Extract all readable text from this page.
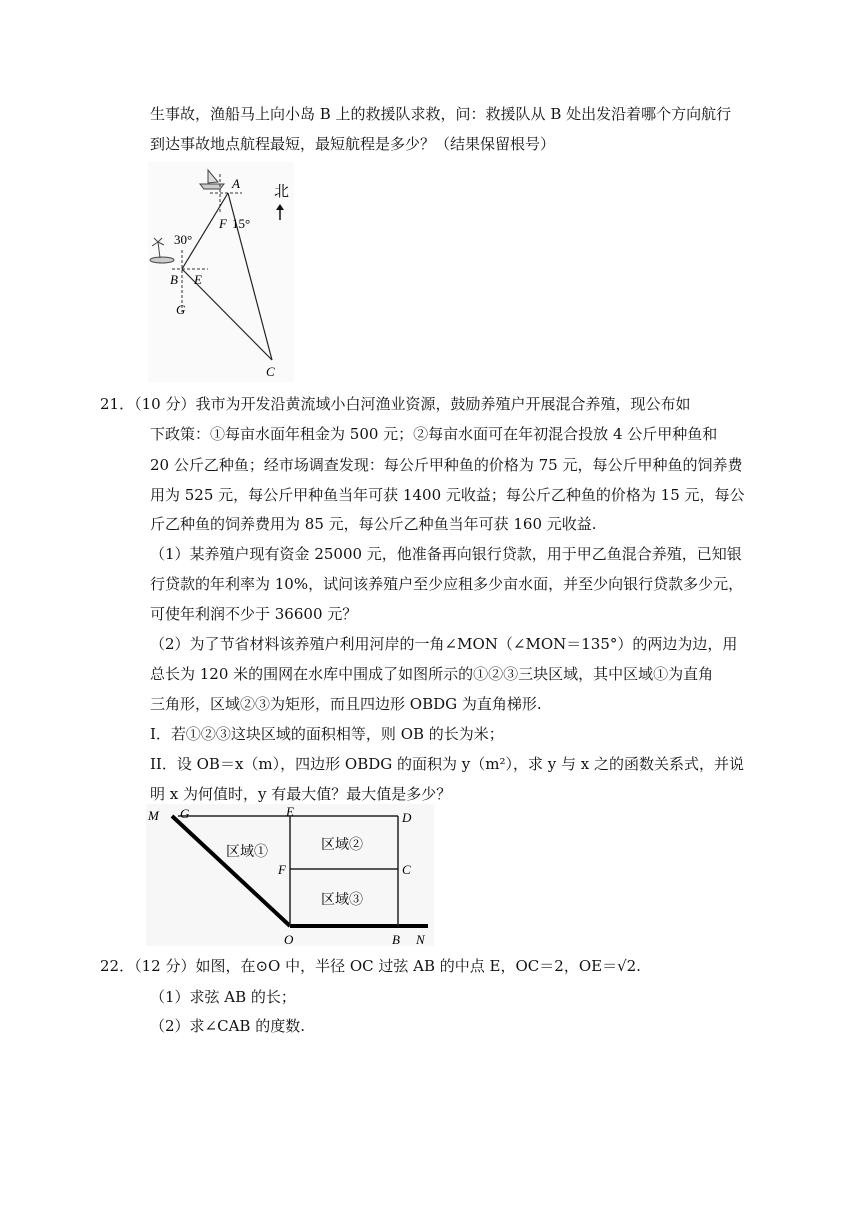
生事故，渔船马上向小岛 B 上的救援队求救，问：救援队从 B 处出发沿着哪个方向航行
到达事故地点航程最短，最短航程是多少？（结果保留根号）
北
A
F 15°
30°
B E
G
C
21．（10 分）我市为开发沿黄流域小白河渔业资源，鼓励养殖户开展混合养殖，现公布如
下政策：①每亩水面年租金为 500 元；②每亩水面可在年初混合投放 4 公斤甲种鱼和
20 公斤乙种鱼；经市场调查发现：每公斤甲种鱼的价格为 75 元，每公斤甲种鱼的饲养费
用为 525 元，每公斤甲种鱼当年可获 1400 元收益；每公斤乙种鱼的价格为 15 元，每公
斤乙种鱼的饲养费用为 85 元，每公斤乙种鱼当年可获 160 元收益.
（1）某养殖户现有资金 25000 元，他准备再向银行贷款，用于甲乙鱼混合养殖，已知银
行贷款的年利率为 10%，试问该养殖户至少应租多少亩水面，并至少向银行贷款多少元，
可使年利润不少于 36600 元？
（2）为了节省材料该养殖户利用河岸的一角∠MON（∠MON＝135°）的两边为边，用
总长为 120 米的围网在水库中围成了如图所示的①②③三块区域，其中区域①为直角
三角形，区域②③为矩形，而且四边形 OBDG 为直角梯形.
I．若①②③这块区域的面积相等，则 OB 的长为米；
II．设 OB＝x（m），四边形 OBDG 的面积为 y（m²），求 y 与 x 之的函数关系式，并说
明 x 为何值时，y 有最大值？最大值是多少？
M G	E	D
F	C
O	B N
区域①	区域②
区域③
22．（12 分）如图，在⊙O 中，半径 OC 过弦 AB 的中点 E，OC＝2，OE＝√2.
（1）求弦 AB 的长；
（2）求∠CAB 的度数.
